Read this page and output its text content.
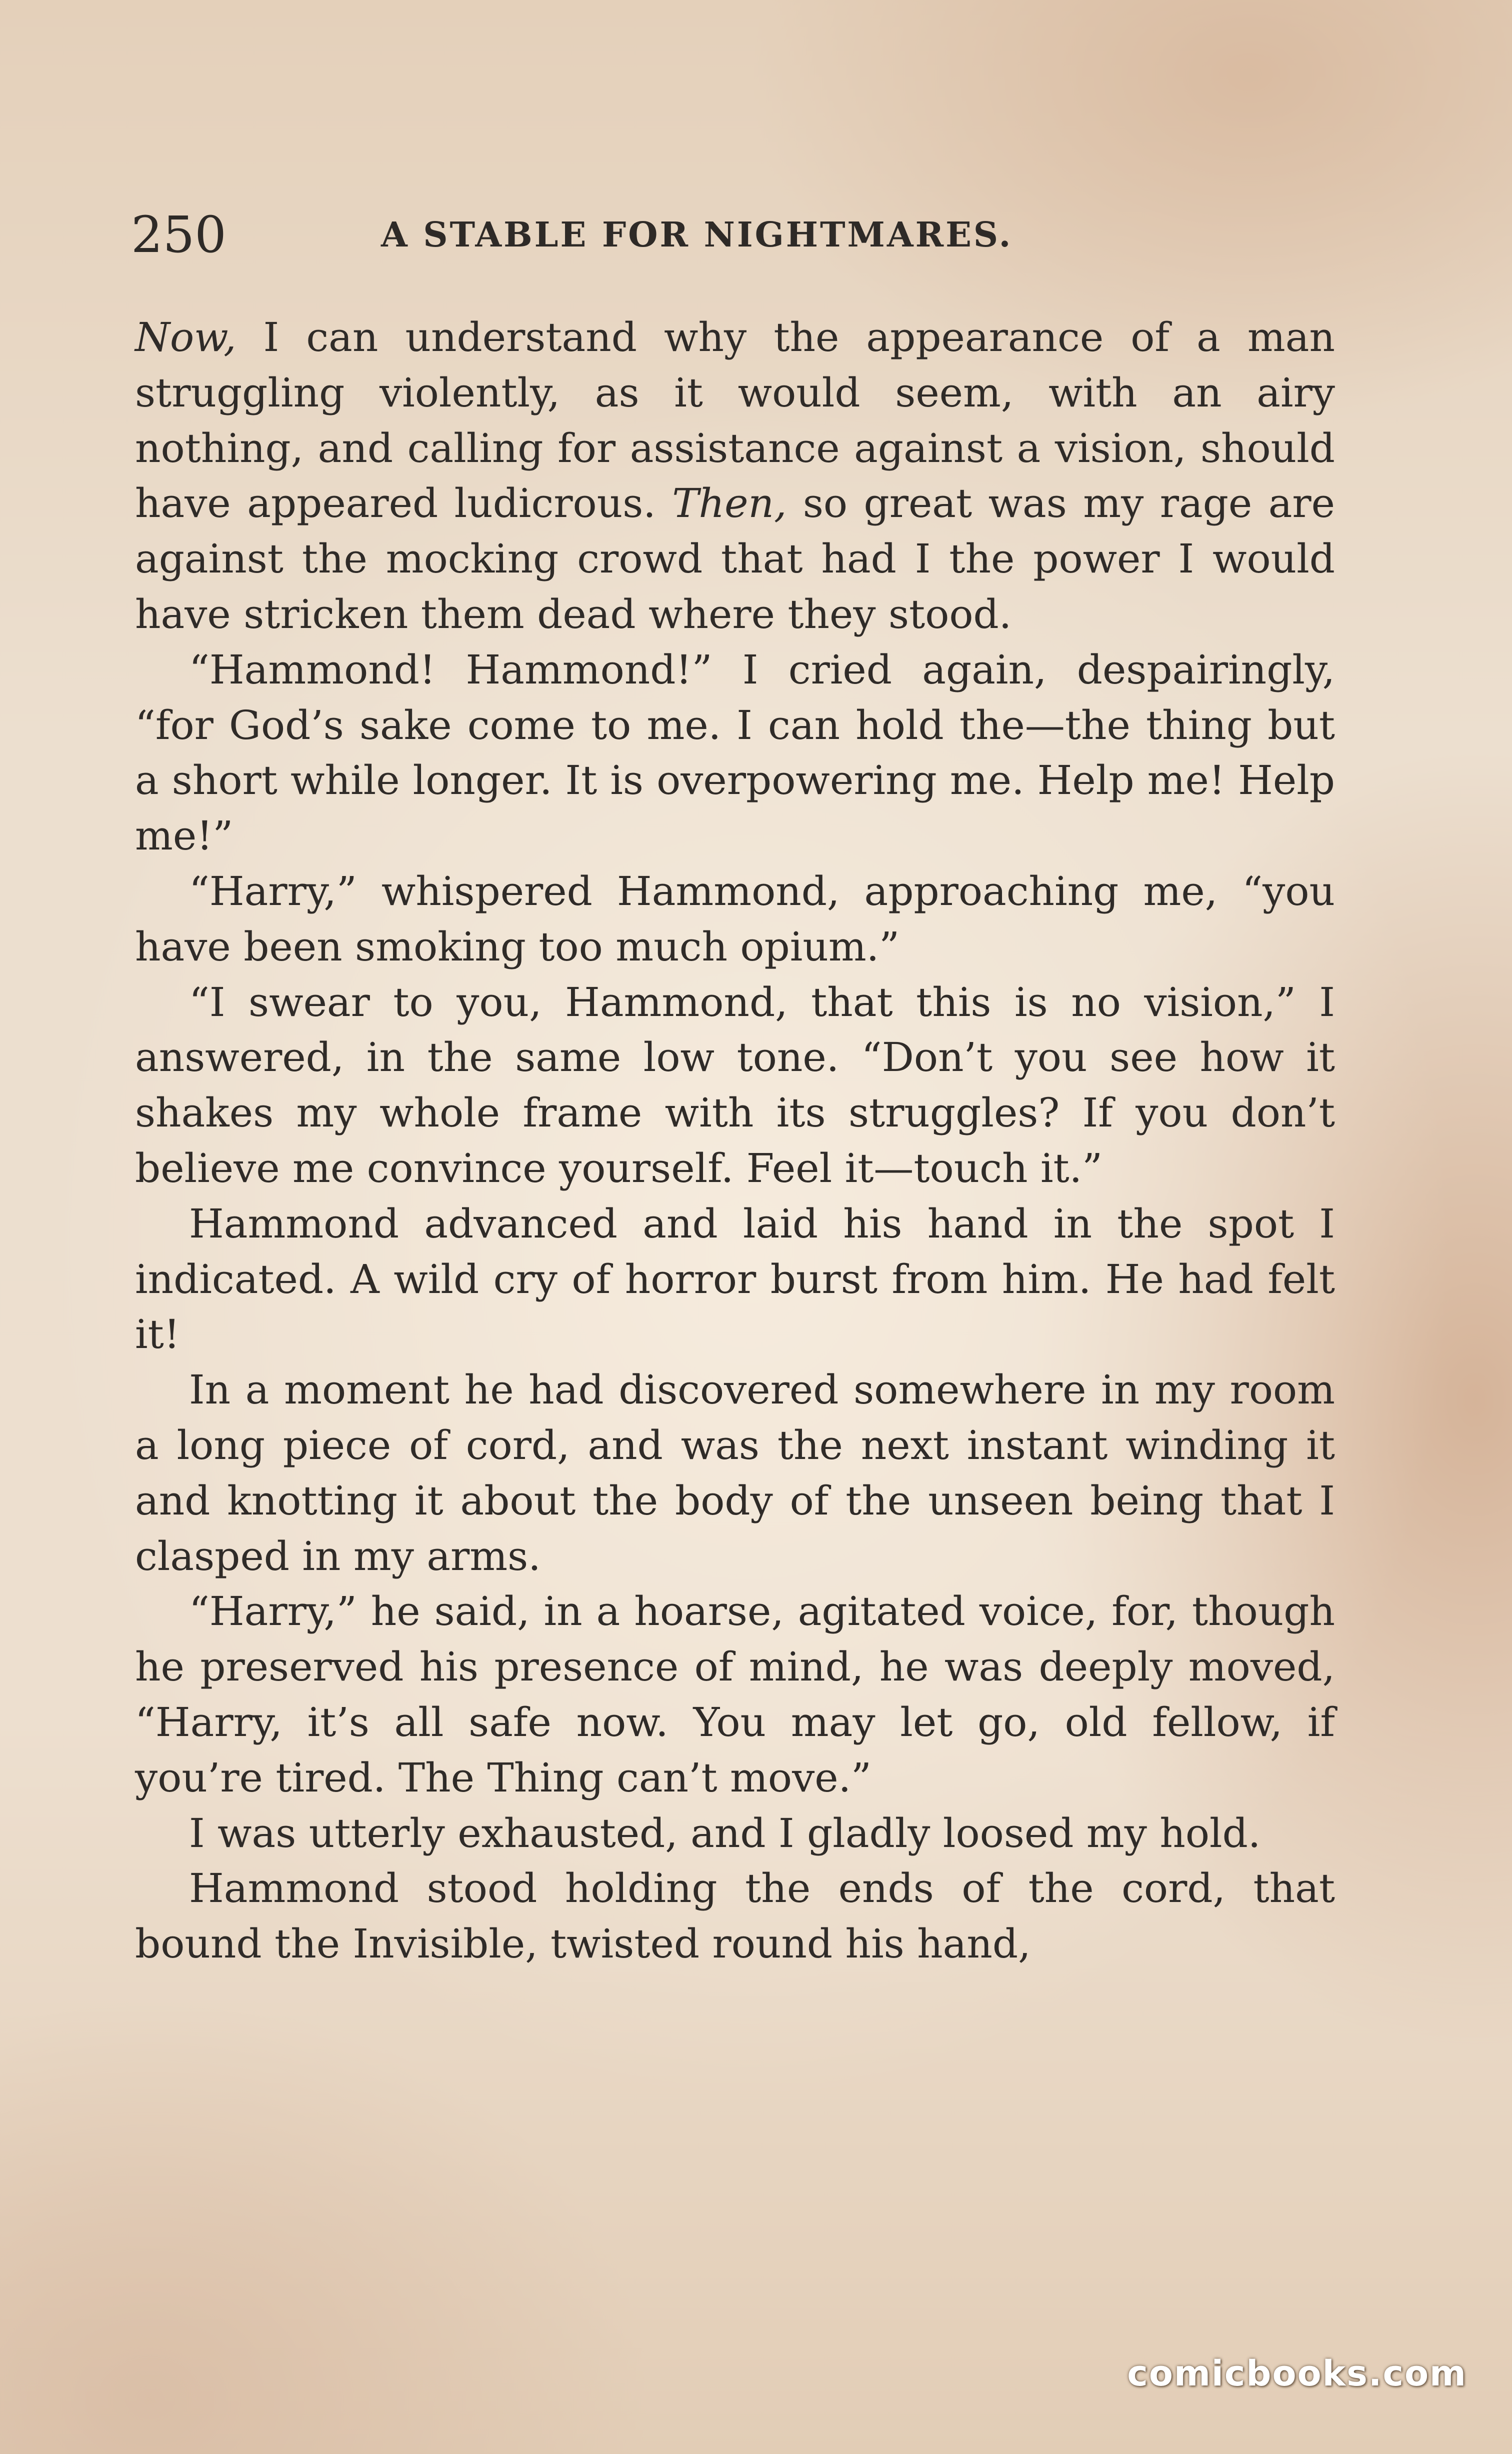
250	A STABLE FOR NIGHTMARES.

Now, I can understand why the appearance of a man struggling violently, as it would seem, with an airy nothing, and calling for assistance against a vision, should have appeared ludicrous. Then, so great was my rage are against the mocking crowd that had I the power I would have stricken them dead where they stood.

“Hammond! Hammond!” I cried again, despairingly, “for God’s sake come to me. I can hold the—the thing but a short while longer. It is overpowering me. Help me! Help me!”

“Harry,” whispered Hammond, approaching me, “you have been smoking too much opium.”

“I swear to you, Hammond, that this is no vision,” I answered, in the same low tone. “Don’t you see how it shakes my whole frame with its struggles? If you don’t believe me convince yourself. Feel it—touch it.”

Hammond advanced and laid his hand in the spot I indicated. A wild cry of horror burst from him. He had felt it!

In a moment he had discovered somewhere in my room a long piece of cord, and was the next instant winding it and knotting it about the body of the unseen being that I clasped in my arms.

“Harry,” he said, in a hoarse, agitated voice, for, though he preserved his presence of mind, he was deeply moved, “Harry, it’s all safe now. You may let go, old fellow, if you’re tired. The Thing can’t move.”

I was utterly exhausted, and I gladly loosed my hold.

Hammond stood holding the ends of the cord, that bound the Invisible, twisted round his hand,

comicbooks.com
